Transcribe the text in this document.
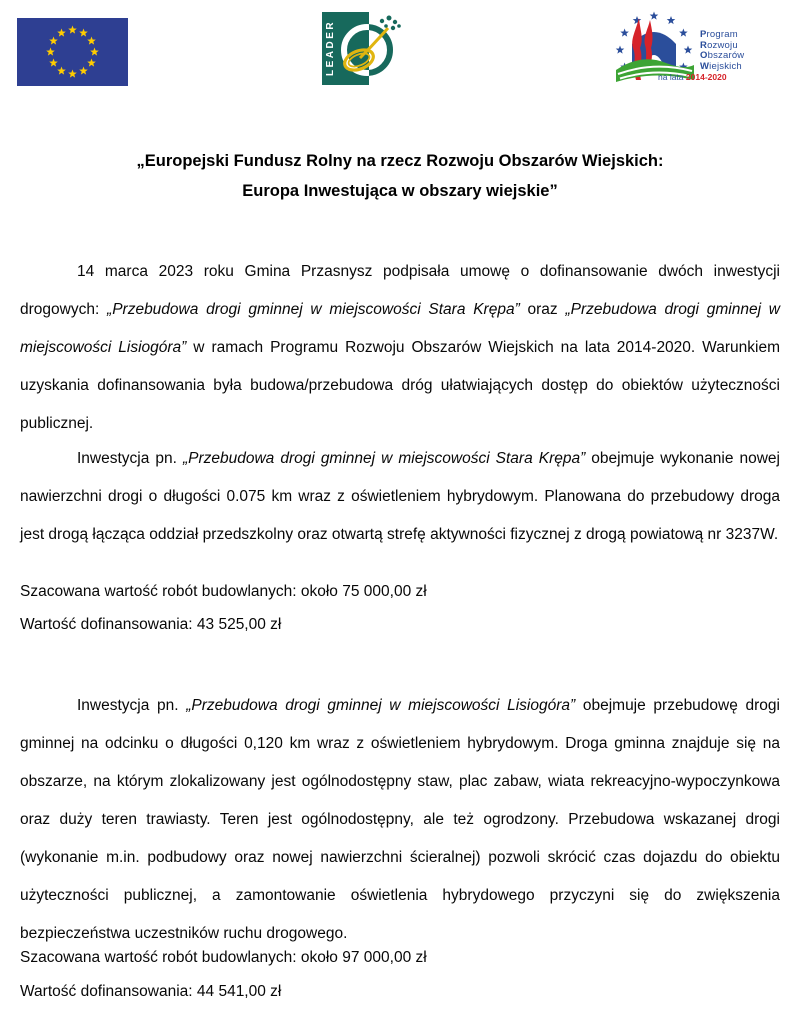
LEADER	Program
Rozwoju
Obszarów
Wiejskich
na lata 2014-2020
„Europejski Fundusz Rolny na rzecz Rozwoju Obszarów Wiejskich:
Europa Inwestująca w obszary wiejskie”

14 marca 2023 roku Gmina Przasnysz podpisała umowę o dofinansowanie dwóch inwestycji drogowych: „Przebudowa drogi gminnej w miejscowości Stara Krępa” oraz „Przebudowa drogi gminnej w miejscowości Lisiogóra” w ramach Programu Rozwoju Obszarów Wiejskich na lata 2014-2020. Warunkiem uzyskania dofinansowania była budowa/przebudowa dróg ułatwiających dostęp do obiektów użyteczności publicznej.

Inwestycja pn. „Przebudowa drogi gminnej w miejscowości Stara Krępa” obejmuje wykonanie nowej nawierzchni drogi o długości 0.075 km wraz z oświetleniem hybrydowym. Planowana do przebudowy droga jest drogą łącząca oddział przedszkolny oraz otwartą strefę aktywności fizycznej z drogą powiatową nr 3237W.

Szacowana wartość robót budowlanych: około 75 000,00 zł
Wartość dofinansowania: 43 525,00 zł

Inwestycja pn. „Przebudowa drogi gminnej w miejscowości Lisiogóra” obejmuje przebudowę drogi gminnej na odcinku o długości 0,120 km wraz z oświetleniem hybrydowym. Droga gminna znajduje się na obszarze, na którym zlokalizowany jest ogólnodostępny staw, plac zabaw, wiata rekreacyjno-wypoczynkowa oraz duży teren trawiasty. Teren jest ogólnodostępny, ale też ogrodzony. Przebudowa wskazanej drogi (wykonanie m.in. podbudowy oraz nowej nawierzchni ścieralnej) pozwoli skrócić czas dojazdu do obiektu użyteczności publicznej, a zamontowanie oświetlenia hybrydowego przyczyni się do zwiększenia bezpieczeństwa uczestników ruchu drogowego.

Szacowana wartość robót budowlanych: około 97 000,00 zł
Wartość dofinansowania: 44 541,00 zł
